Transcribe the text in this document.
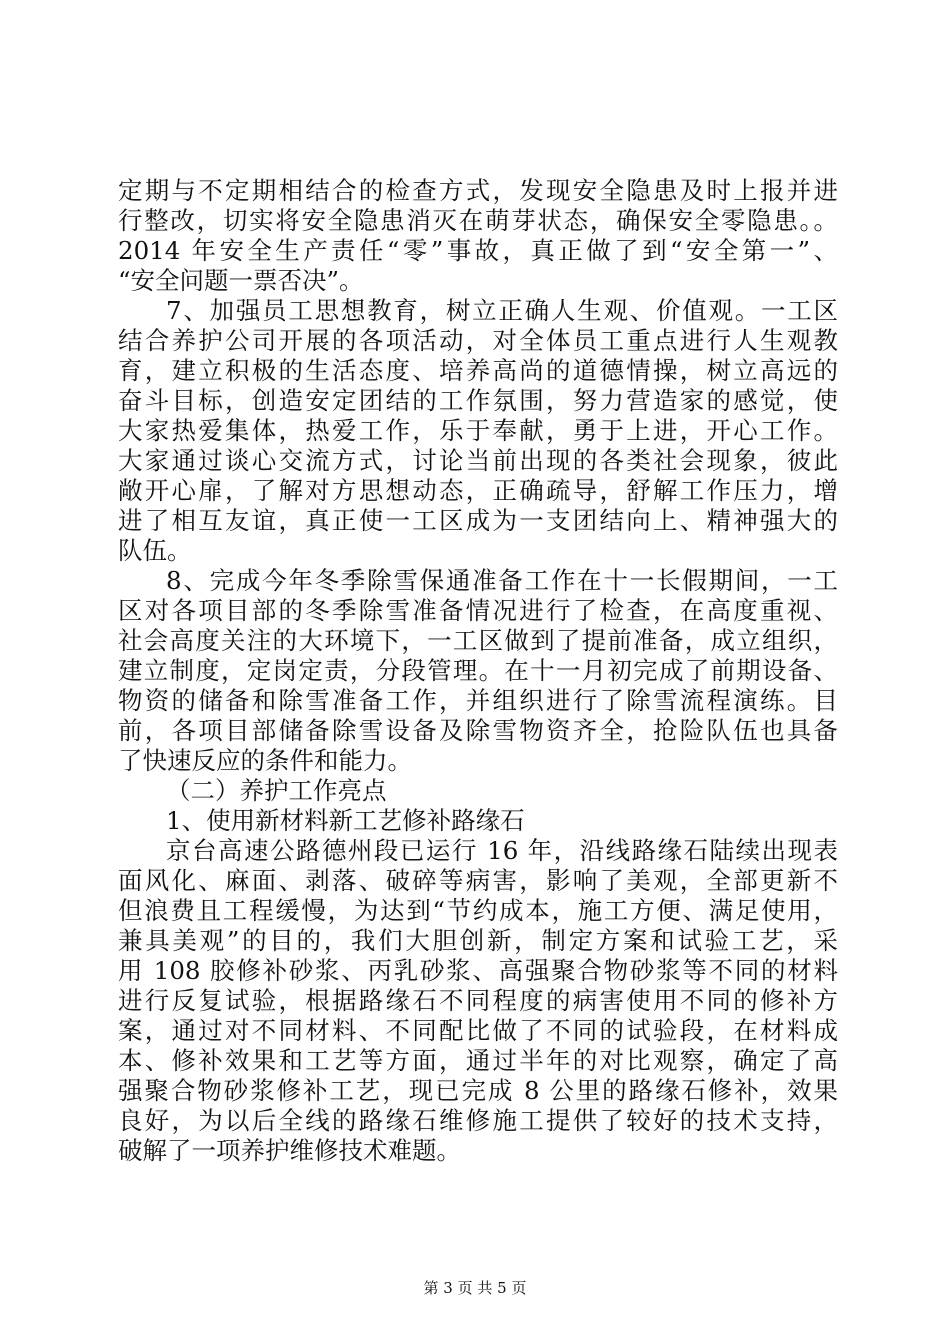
定期与不定期相结合的检查方式，发现安全隐患及时上报并进
行整改，切实将安全隐患消灭在萌芽状态，确保安全零隐患。。
2014 年安全生产责任“零”事故，真正做了到“安全第一”、
“安全问题一票否决”。
7、加强员工思想教育，树立正确人生观、价值观。一工区
结合养护公司开展的各项活动，对全体员工重点进行人生观教
育，建立积极的生活态度、培养高尚的道德情操，树立高远的
奋斗目标，创造安定团结的工作氛围，努力营造家的感觉，使
大家热爱集体，热爱工作，乐于奉献，勇于上进，开心工作。
大家通过谈心交流方式，讨论当前出现的各类社会现象，彼此
敞开心扉，了解对方思想动态，正确疏导，舒解工作压力，增
进了相互友谊，真正使一工区成为一支团结向上、精神强大的
队伍。
8、完成今年冬季除雪保通准备工作在十一长假期间，一工
区对各项目部的冬季除雪准备情况进行了检查，在高度重视、
社会高度关注的大环境下，一工区做到了提前准备，成立组织，
建立制度，定岗定责，分段管理。在十一月初完成了前期设备、
物资的储备和除雪准备工作，并组织进行了除雪流程演练。目
前，各项目部储备除雪设备及除雪物资齐全，抢险队伍也具备
了快速反应的条件和能力。
（二）养护工作亮点
1、使用新材料新工艺修补路缘石
京台高速公路德州段已运行 16 年，沿线路缘石陆续出现表
面风化、麻面、剥落、破碎等病害，影响了美观，全部更新不
但浪费且工程缓慢，为达到“节约成本，施工方便、满足使用，
兼具美观”的目的，我们大胆创新，制定方案和试验工艺，采
用 108 胶修补砂浆、丙乳砂浆、高强聚合物砂浆等不同的材料
进行反复试验，根据路缘石不同程度的病害使用不同的修补方
案，通过对不同材料、不同配比做了不同的试验段，在材料成
本、修补效果和工艺等方面，通过半年的对比观察，确定了高
强聚合物砂浆修补工艺，现已完成 8 公里的路缘石修补，效果
良好，为以后全线的路缘石维修施工提供了较好的技术支持，
破解了一项养护维修技术难题。
第 3 页 共 5 页
